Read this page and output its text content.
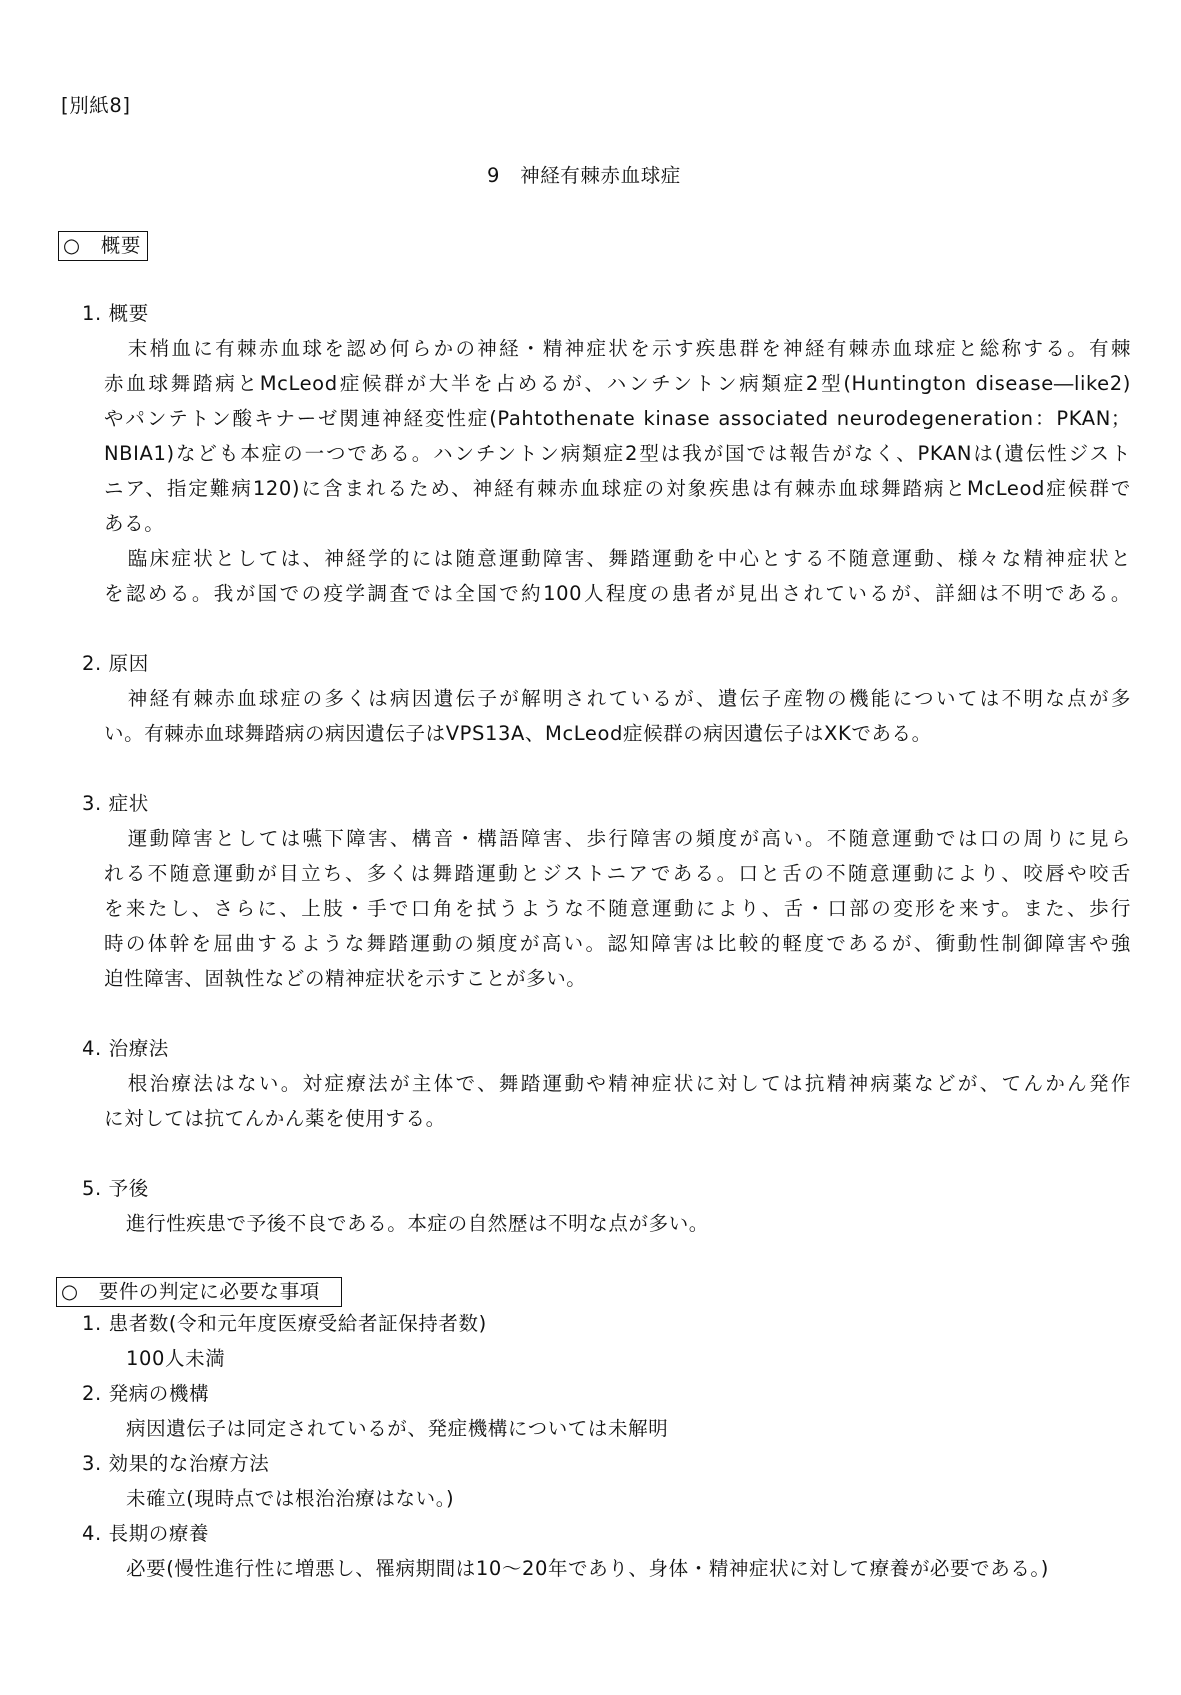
[別紙8]
9　神経有棘赤血球症
○　概要
1. 概要
末梢血に有棘赤血球を認め何らかの神経・精神症状を示す疾患群を神経有棘赤血球症と総称する。有棘
赤血球舞踏病とMcLeod症候群が大半を占めるが、ハンチントン病類症2型(Huntington disease―like2)
やパンテトン酸キナーゼ関連神経変性症(Pahtothenate kinase associated neurodegeneration：PKAN；
NBIA1)なども本症の一つである。ハンチントン病類症2型は我が国では報告がなく、PKANは(遺伝性ジスト
ニア、指定難病120)に含まれるため、神経有棘赤血球症の対象疾患は有棘赤血球舞踏病とMcLeod症候群で
ある。
臨床症状としては、神経学的には随意運動障害、舞踏運動を中心とする不随意運動、様々な精神症状と
を認める。我が国での疫学調査では全国で約100人程度の患者が見出されているが、詳細は不明である。
2. 原因
神経有棘赤血球症の多くは病因遺伝子が解明されているが、遺伝子産物の機能については不明な点が多
い。有棘赤血球舞踏病の病因遺伝子はVPS13A、McLeod症候群の病因遺伝子はXKである。
3. 症状
運動障害としては嚥下障害、構音・構語障害、歩行障害の頻度が高い。不随意運動では口の周りに見ら
れる不随意運動が目立ち、多くは舞踏運動とジストニアである。口と舌の不随意運動により、咬唇や咬舌
を来たし、さらに、上肢・手で口角を拭うような不随意運動により、舌・口部の変形を来す。また、歩行
時の体幹を屈曲するような舞踏運動の頻度が高い。認知障害は比較的軽度であるが、衝動性制御障害や強
迫性障害、固執性などの精神症状を示すことが多い。
4. 治療法
根治療法はない。対症療法が主体で、舞踏運動や精神症状に対しては抗精神病薬などが、てんかん発作
に対しては抗てんかん薬を使用する。
5. 予後
進行性疾患で予後不良である。本症の自然歴は不明な点が多い。
○　要件の判定に必要な事項
1. 患者数(令和元年度医療受給者証保持者数)
100人未満
2. 発病の機構
病因遺伝子は同定されているが、発症機構については未解明
3. 効果的な治療方法
未確立(現時点では根治治療はない。)
4. 長期の療養
必要(慢性進行性に増悪し、罹病期間は10～20年であり、身体・精神症状に対して療養が必要である。)
